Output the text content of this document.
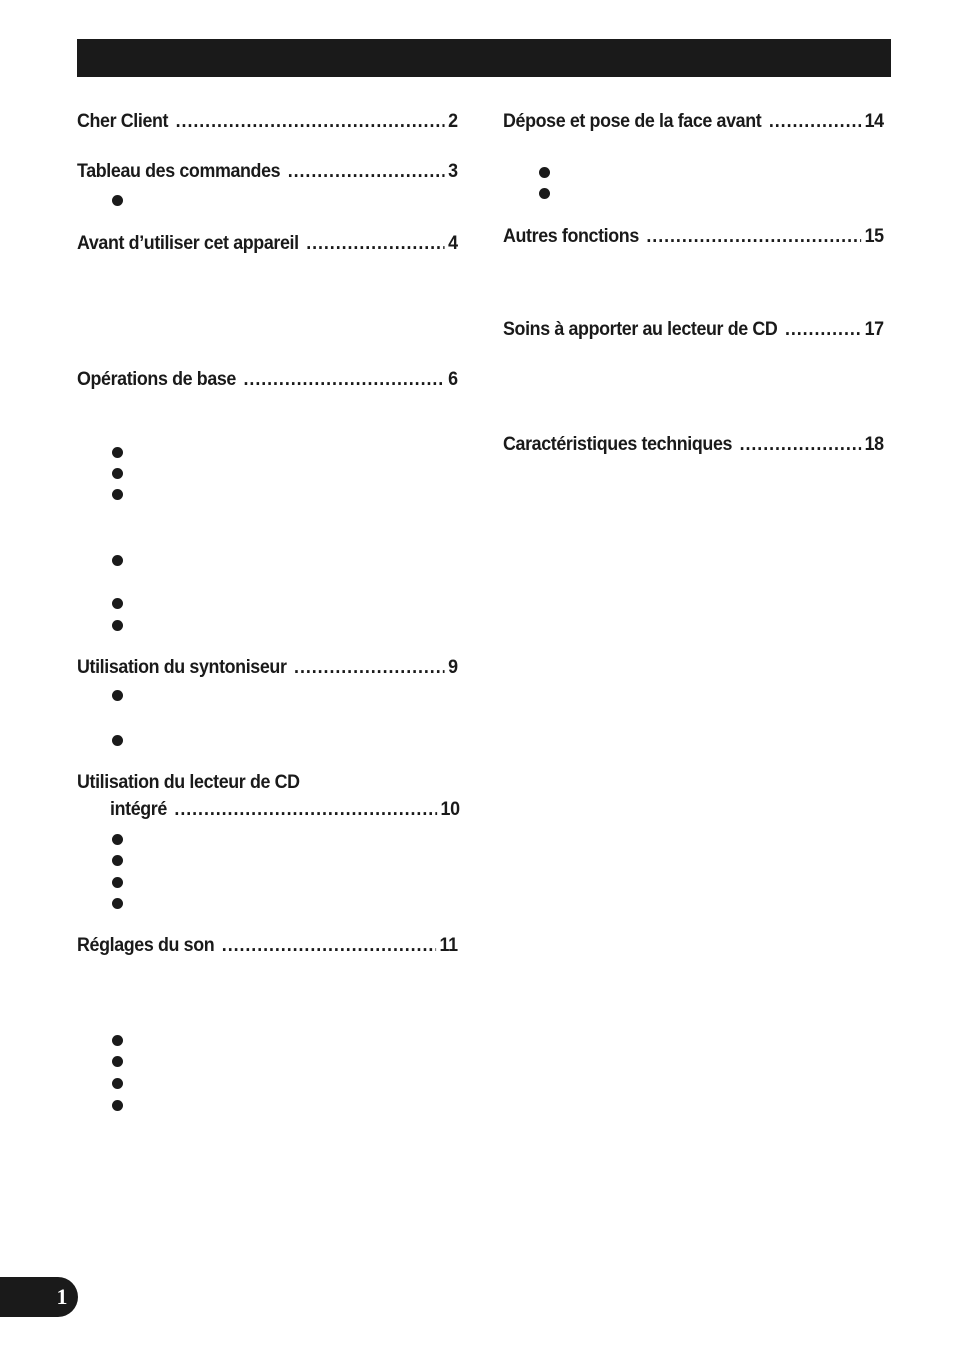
Cher Client .....	2
Tableau des commandes .....	3
Avant d’utiliser cet appareil .....	4
Opérations de base .....	6
Utilisation du syntoniseur .....	9
Utilisation du lecteur de CD
intégré .....	10
Réglages du son .....	11
Dépose et pose de la face avant .....	14
Autres fonctions .....	15
Soins à apporter au lecteur de CD .....	17
Caractéristiques techniques .....	18
1
